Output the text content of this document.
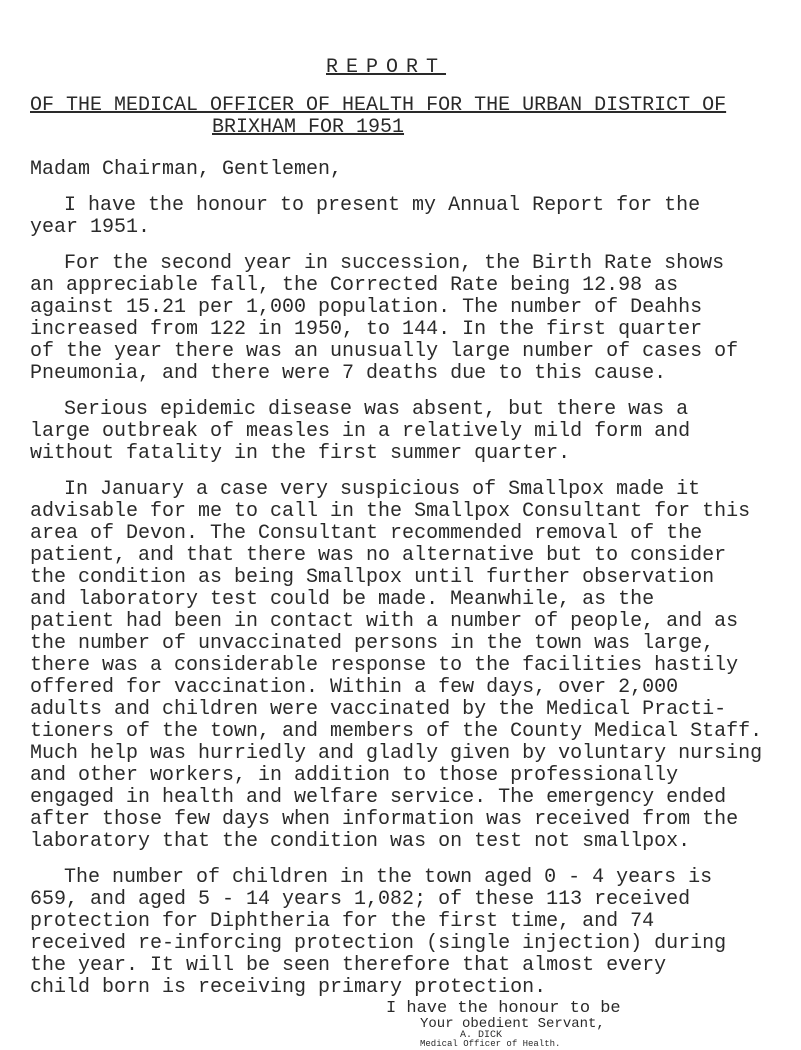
REPORT
OF THE MEDICAL OFFICER OF HEALTH FOR THE URBAN DISTRICT OF
BRIXHAM FOR 1951
Madam Chairman, Gentlemen,
I have the honour to present my Annual Report for the
year 1951.
For the second year in succession, the Birth Rate shows
an appreciable fall, the Corrected Rate being 12.98 as
against 15.21 per 1,000 population. The number of Deahhs
increased from 122 in 1950, to 144. In the first quarter
of the year there was an unusually large number of cases of
Pneumonia, and there were 7 deaths due to this cause.
Serious epidemic disease was absent, but there was a
large outbreak of measles in a relatively mild form and
without fatality in the first summer quarter.
In January a case very suspicious of Smallpox made it
advisable for me to call in the Smallpox Consultant for this
area of Devon. The Consultant recommended removal of the
patient, and that there was no alternative but to consider
the condition as being Smallpox until further observation
and laboratory test could be made. Meanwhile, as the
patient had been in contact with a number of people, and as
the number of unvaccinated persons in the town was large,
there was a considerable response to the facilities hastily
offered for vaccination. Within a few days, over 2,000
adults and children were vaccinated by the Medical Practi-
tioners of the town, and members of the County Medical Staff.
Much help was hurriedly and gladly given by voluntary nursing
and other workers, in addition to those professionally
engaged in health and welfare service. The emergency ended
after those few days when information was received from the
laboratory that the condition was on test not smallpox.
The number of children in the town aged 0 - 4 years is
659, and aged 5 - 14 years 1,082; of these 113 received
protection for Diphtheria for the first time, and 74
received re-inforcing protection (single injection) during
the year. It will be seen therefore that almost every
child born is receiving primary protection.
I have the honour to be
Your obedient Servant,
A. DICK
Medical Officer of Health.
